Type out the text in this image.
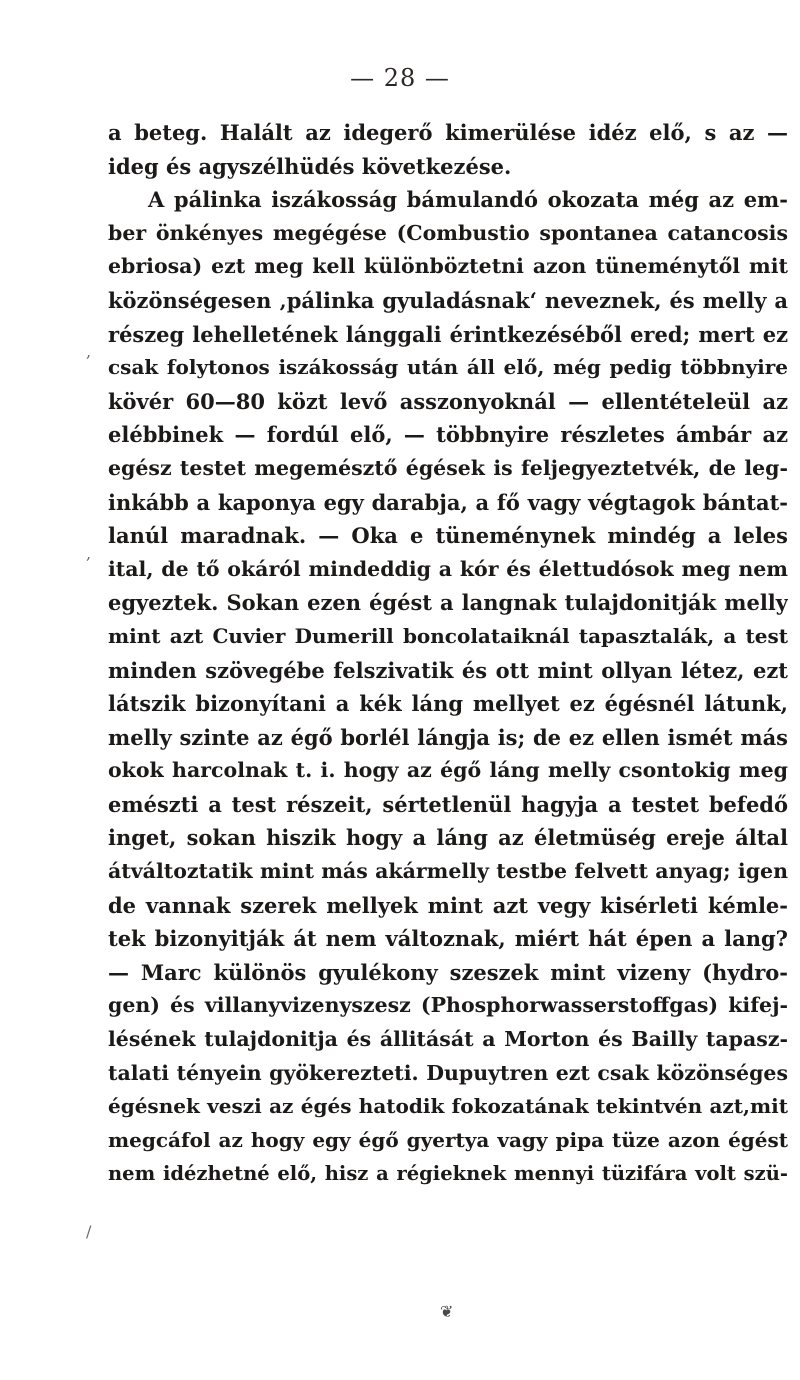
— 28 —
,
,
/
a beteg. Halált az idegerő kimerülése idéz elő, s az —
ideg és agyszélhüdés következése.
A pálinka iszákosság bámulandó okozata még az em-
ber önkényes megégése (Combustio spontanea catancosis
ebriosa) ezt meg kell különböztetni azon tüneménytől mit
közönségesen ‚pálinka gyuladásnak‘ neveznek, és melly a
részeg lehelletének lánggali érintkezéséből ered; mert ez
csak folytonos iszákosság után áll elő, még pedig többnyire
kövér 60—80 közt levő asszonyoknál — ellentételeül az
elébbinek — fordúl elő, — többnyire részletes ámbár az
egész testet megemésztő égések is feljegyeztetvék, de leg-
inkább a kaponya egy darabja, a fő vagy végtagok bántat-
lanúl maradnak. — Oka e tüneménynek mindég a leles
ital, de tő okáról mindeddig a kór és élettudósok meg nem
egyeztek. Sokan ezen égést a langnak tulajdonitják melly
mint azt Cuvier Dumerill boncolataiknál tapasztalák, a test
minden szövegébe felszivatik és ott mint ollyan létez, ezt
látszik bizonyítani a kék láng mellyet ez égésnél látunk,
melly szinte az égő borlél lángja is; de ez ellen ismét más
okok harcolnak t. i. hogy az égő láng melly csontokig meg
emészti a test részeit, sértetlenül hagyja a testet befedő
inget, sokan hiszik hogy a láng az életmüség ereje által
átváltoztatik mint más akármelly testbe felvett anyag; igen
de vannak szerek mellyek mint azt vegy kisérleti kémle-
tek bizonyitják át nem változnak, miért hát épen a lang?
— Marc különös gyulékony szeszek mint vizeny (hydro-
gen) és villanyvizenyszesz (Phosphorwasserstoffgas) kifej-
lésének tulajdonitja és állitását a Morton és Bailly tapasz-
talati tényein gyökerezteti. Dupuytren ezt csak közönséges
égésnek veszi az égés hatodik fokozatának tekintvén azt,mit
megcáfol az hogy egy égő gyertya vagy pipa tüze azon égést
nem idézhetné elő, hisz a régieknek mennyi tüzifára volt szü-
❦
